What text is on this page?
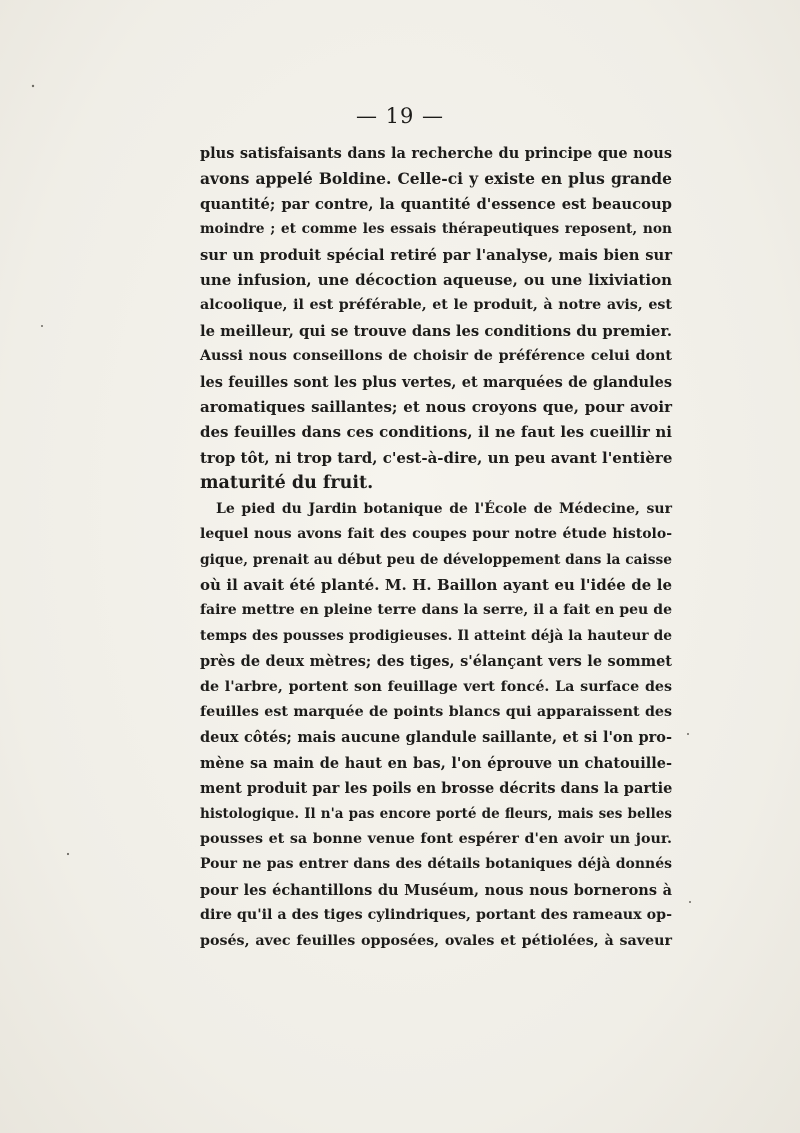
— 19 —

plus satisfaisants dans la recherche du principe que nous
avons appelé Boldine. Celle-ci y existe en plus grande
quantité; par contre, la quantité d'essence est beaucoup
moindre ; et comme les essais thérapeutiques reposent, non
sur un produit spécial retiré par l'analyse, mais bien sur
une infusion, une décoction aqueuse, ou une lixiviation
alcoolique, il est préférable, et le produit, à notre avis, est
le meilleur, qui se trouve dans les conditions du premier.
Aussi nous conseillons de choisir de préférence celui dont
les feuilles sont les plus vertes, et marquées de glandules
aromatiques saillantes; et nous croyons que, pour avoir
des feuilles dans ces conditions, il ne faut les cueillir ni
trop tôt, ni trop tard, c'est-à-dire, un peu avant l'entière
maturité du fruit.

Le pied du Jardin botanique de l'École de Médecine, sur
lequel nous avons fait des coupes pour notre étude histolo-
gique, prenait au début peu de développement dans la caisse
où il avait été planté. M. H. Baillon ayant eu l'idée de le
faire mettre en pleine terre dans la serre, il a fait en peu de
temps des pousses prodigieuses. Il atteint déjà la hauteur de
près de deux mètres; des tiges, s'élançant vers le sommet
de l'arbre, portent son feuillage vert foncé. La surface des
feuilles est marquée de points blancs qui apparaissent des
deux côtés; mais aucune glandule saillante, et si l'on pro-
mène sa main de haut en bas, l'on éprouve un chatouille-
ment produit par les poils en brosse décrits dans la partie
histologique. Il n'a pas encore porté de fleurs, mais ses belles
pousses et sa bonne venue font espérer d'en avoir un jour.
Pour ne pas entrer dans des détails botaniques déjà donnés
pour les échantillons du Muséum, nous nous bornerons à
dire qu'il a des tiges cylindriques, portant des rameaux op-
posés, avec feuilles opposées, ovales et pétiolées, à saveur
